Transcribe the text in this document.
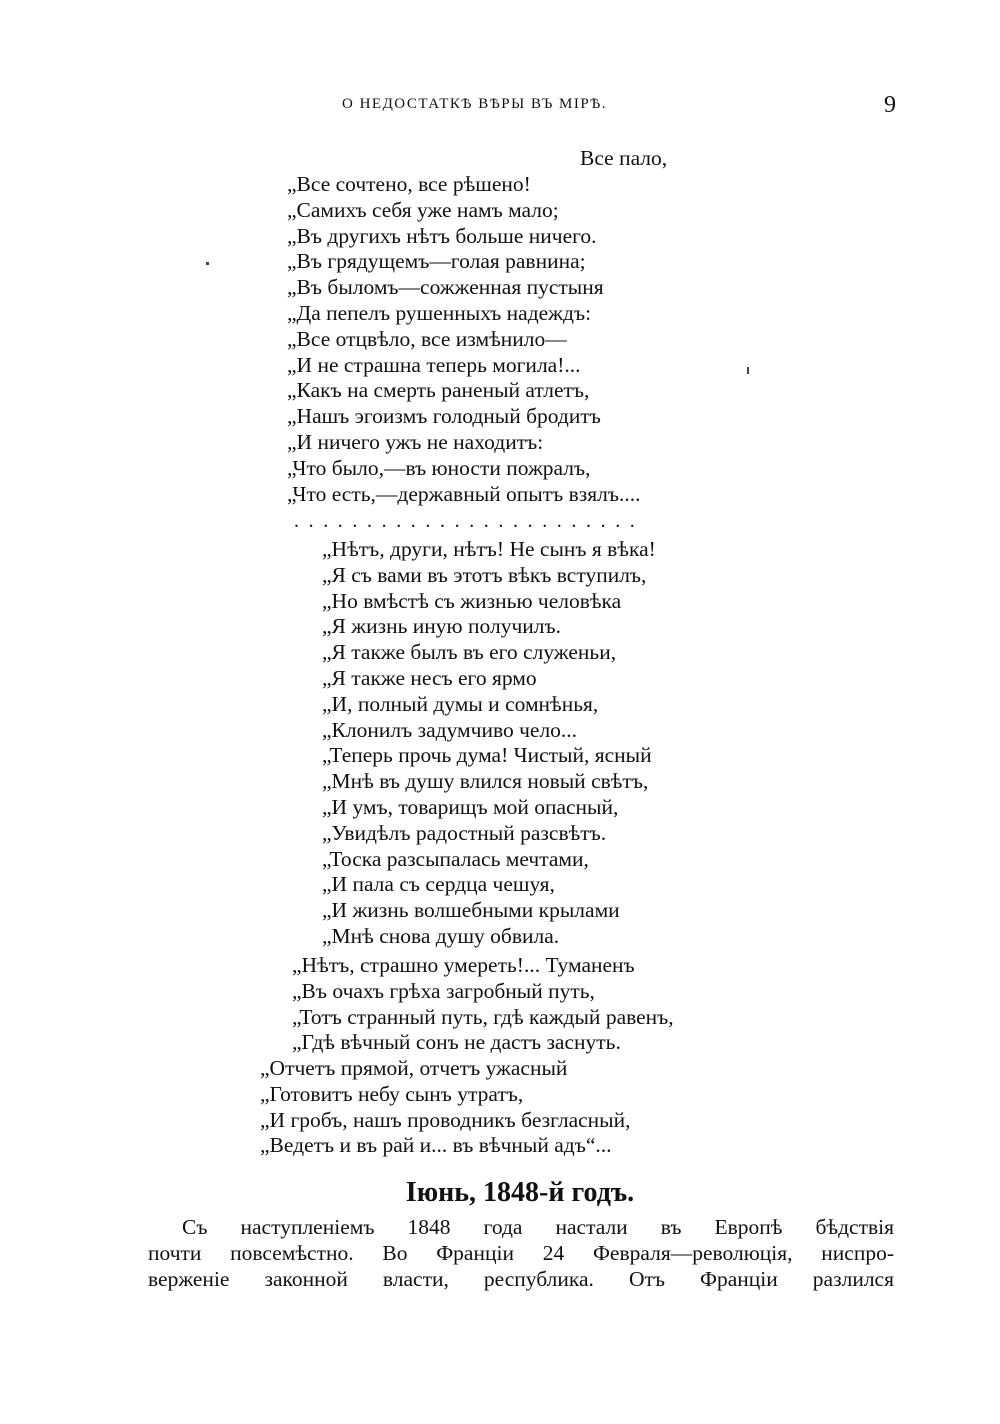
О НЕДОСТАТКѢ ВѢРЫ ВЪ МІРѢ.	9
Все пало,
„Все сочтено, все рѣшено!
„Самихъ себя уже намъ мало;
„Въ другихъ нѣтъ больше ничего.
„Въ грядущемъ—голая равнина;
„Въ быломъ—сожженная пустыня
„Да пепелъ рушенныхъ надеждъ:
„Все отцвѣло, все измѣнило—
„И не страшна теперь могила!...
„Какъ на смерть раненый атлетъ,
„Нашъ эгоизмъ голодный бродитъ
„И ничего ужъ не находитъ:
„Что было,—въ юности пожралъ,
„Что есть,—державный опытъ взялъ....
........................
„Нѣтъ, други, нѣтъ! Не сынъ я вѣка!
„Я съ вами въ этотъ вѣкъ вступилъ,
„Но вмѣстѣ съ жизнью человѣка
„Я жизнь иную получилъ.
„Я также былъ въ его служеньи,
„Я также несъ его ярмо
„И, полный думы и сомнѣнья,
„Клонилъ задумчиво чело...
„Теперь прочь дума! Чистый, ясный
„Мнѣ въ душу влился новый свѣтъ,
„И умъ, товарищъ мой опасный,
„Увидѣлъ радостный разсвѣтъ.
„Тоска разсыпалась мечтами,
„И пала съ сердца чешуя,
„И жизнь волшебными крылами
„Мнѣ снова душу обвила.
„Нѣтъ, страшно умереть!... Туманенъ
„Въ очахъ грѣха загробный путь,
„Тотъ странный путь, гдѣ каждый равенъ,
„Гдѣ вѣчный сонъ не дастъ заснуть.
„Отчетъ прямой, отчетъ ужасный
„Готовитъ небу сынъ утратъ,
„И гробъ, нашъ проводникъ безгласный,
„Ведетъ и въ рай и... въ вѣчный адъ“...
Іюнь, 1848-й годъ.
Съ наступленіемъ 1848 года настали въ Европѣ бѣдствія
почти повсемѣстно. Во Франціи 24 Февраля—революція, ниспро-
верженіе законной власти, республика. Отъ Франціи разлился
